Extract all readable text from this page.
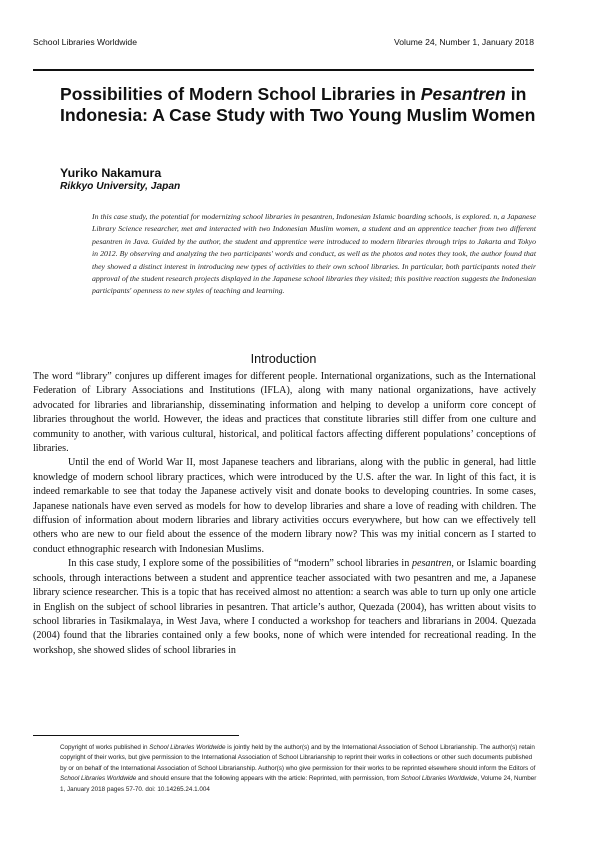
School Libraries Worldwide	Volume 24, Number 1, January 2018
Possibilities of Modern School Libraries in Pesantren in Indonesia: A Case Study with Two Young Muslim Women
Yuriko Nakamura
Rikkyo University, Japan

In this case study, the potential for modernizing school libraries in pesantren, Indonesian Islamic boarding schools, is explored. n, a Japanese Library Science researcher, met and interacted with two Indonesian Muslim women, a student and an apprentice teacher from two different pesantren in Java. Guided by the author, the student and apprentice were introduced to modern libraries through trips to Jakarta and Tokyo in 2012. By observing and analyzing the two participants' words and conduct, as well as the photos and notes they took, the author found that they showed a distinct interest in introducing new types of activities to their own school libraries. In particular, both participants noted their approval of the student research projects displayed in the Japanese school libraries they visited; this positive reaction suggests the Indonesian participants' openness to new styles of teaching and learning.

Introduction

The word “library” conjures up different images for different people. International organizations, such as the International Federation of Library Associations and Institutions (IFLA), along with many national organizations, have actively advocated for libraries and librarianship, disseminating information and helping to develop a uniform core concept of libraries throughout the world. However, the ideas and practices that constitute libraries still differ from one culture and community to another, with various cultural, historical, and political factors affecting different populations’ conceptions of libraries.

Until the end of World War II, most Japanese teachers and librarians, along with the public in general, had little knowledge of modern school library practices, which were introduced by the U.S. after the war. In light of this fact, it is indeed remarkable to see that today the Japanese actively visit and donate books to developing countries. In some cases, Japanese nationals have even served as models for how to develop libraries and share a love of reading with children. The diffusion of information about modern libraries and library activities occurs everywhere, but how can we effectively tell others who are new to our field about the essence of the modern library now? This was my initial concern as I started to conduct ethnographic research with Indonesian Muslims.

In this case study, I explore some of the possibilities of “modern” school libraries in pesantren, or Islamic boarding schools, through interactions between a student and apprentice teacher associated with two pesantren and me, a Japanese library science researcher. This is a topic that has received almost no attention: a search was able to turn up only one article in English on the subject of school libraries in pesantren. That article’s author, Quezada (2004), has written about visits to school libraries in Tasikmalaya, in West Java, where I conducted a workshop for teachers and librarians in 2004. Quezada (2004) found that the libraries contained only a few books, none of which were intended for recreational reading. In the workshop, she showed slides of school libraries in

Copyright of works published in School Libraries Worldwide is jointly held by the author(s) and by the International Association of School Librarianship. The author(s) retain copyright of their works, but give permission to the International Association of School Librarianship to reprint their works in collections or other such documents published by or on behalf of the International Association of School Librarianship. Author(s) who give permission for their works to be reprinted elsewhere should inform the Editors of School Libraries Worldwide and should ensure that the following appears with the article: Reprinted, with permission, from School Libraries Worldwide, Volume 24, Number 1, January 2018 pages 57-70. doi: 10.14265.24.1.004
